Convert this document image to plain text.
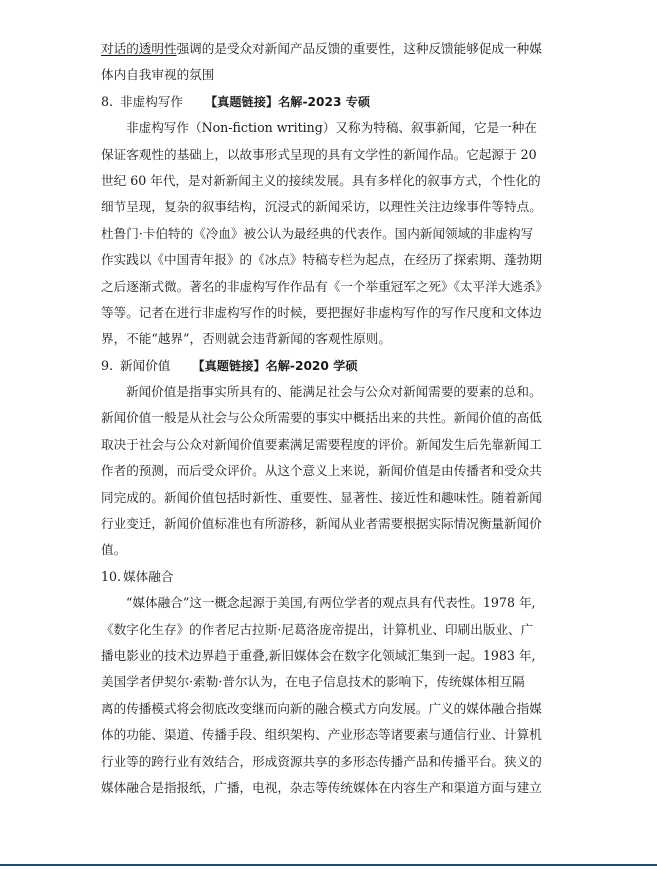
对话的透明性强调的是受众对新闻产品反馈的重要性，这种反馈能够促成一种媒
体内自我审视的氛围
8. 非虚构写作 【真题链接】名解-2023 专硕
非虚构写作（Non-fiction writing）又称为特稿、叙事新闻，它是一种在
保证客观性的基础上，以故事形式呈现的具有文学性的新闻作品。它起源于 20
世纪 60 年代，是对新新闻主义的接续发展。具有多样化的叙事方式，个性化的
细节呈现，复杂的叙事结构，沉浸式的新闻采访，以理性关注边缘事件等特点。
杜鲁门·卡伯特的《冷血》被公认为最经典的代表作。国内新闻领域的非虚构写
作实践以《中国青年报》的《冰点》特稿专栏为起点，在经历了探索期、蓬勃期
之后逐渐式微。著名的非虚构写作作品有《一个举重冠军之死》《太平洋大逃杀》
等等。记者在进行非虚构写作的时候，要把握好非虚构写作的写作尺度和文体边
界，不能“越界”，否则就会违背新闻的客观性原则。
9. 新闻价值 【真题链接】名解-2020 学硕
新闻价值是指事实所具有的、能满足社会与公众对新闻需要的要素的总和。
新闻价值一般是从社会与公众所需要的事实中概括出来的共性。新闻价值的高低
取决于社会与公众对新闻价值要素满足需要程度的评价。新闻发生后先靠新闻工
作者的预测，而后受众评价。从这个意义上来说，新闻价值是由传播者和受众共
同完成的。新闻价值包括时新性、重要性、显著性、接近性和趣味性。随着新闻
行业变迁，新闻价值标准也有所游移，新闻从业者需要根据实际情况衡量新闻价
值。
10. 媒体融合
“媒体融合”这一概念起源于美国,有两位学者的观点具有代表性。1978 年,
《数字化生存》的作者尼古拉斯·尼葛洛庞帝提出，计算机业、印刷出版业、广
播电影业的技术边界趋于重叠,新旧媒体会在数字化领域汇集到一起。1983 年,
美国学者伊契尔·索勒·普尔认为，在电子信息技术的影响下，传统媒体相互隔
离的传播模式将会彻底改变继而向新的融合模式方向发展。广义的媒体融合指媒
体的功能、渠道、传播手段、组织架构、产业形态等诸要素与通信行业、计算机
行业等的跨行业有效结合，形成资源共享的多形态传播产品和传播平台。狭义的
媒体融合是指报纸，广播，电视，杂志等传统媒体在内容生产和渠道方面与建立
